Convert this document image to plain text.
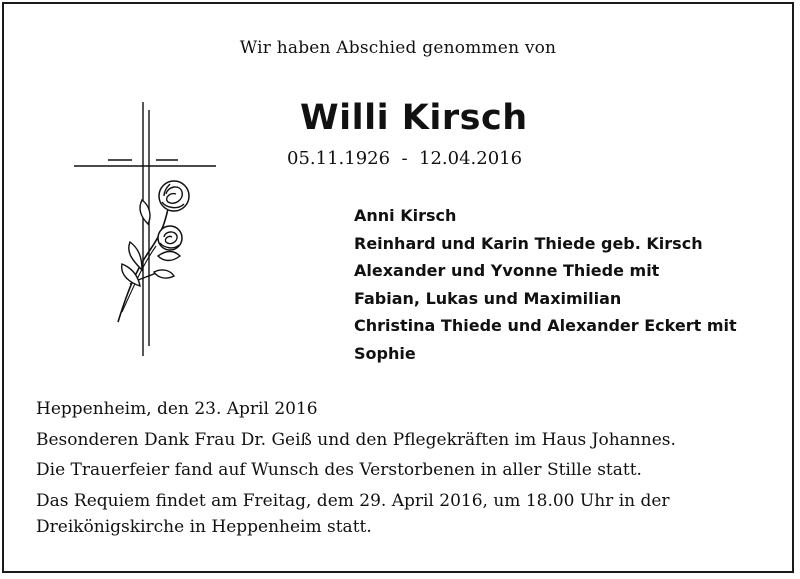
Wir haben Abschied genommen von
Willi Kirsch
05.11.1926  -  12.04.2016
Anni Kirsch
Reinhard und Karin Thiede geb. Kirsch
Alexander und Yvonne Thiede mit
Fabian, Lukas und Maximilian
Christina Thiede und Alexander Eckert mit
Sophie

Heppenheim, den 23. April 2016

Besonderen Dank Frau Dr. Geiß und den Pflegekräften im Haus Johannes.

Die Trauerfeier fand auf Wunsch des Verstorbenen in aller Stille statt.

Das Requiem findet am Freitag, dem 29. April 2016, um 18.00 Uhr in der

Dreikönigskirche in Heppenheim statt.
